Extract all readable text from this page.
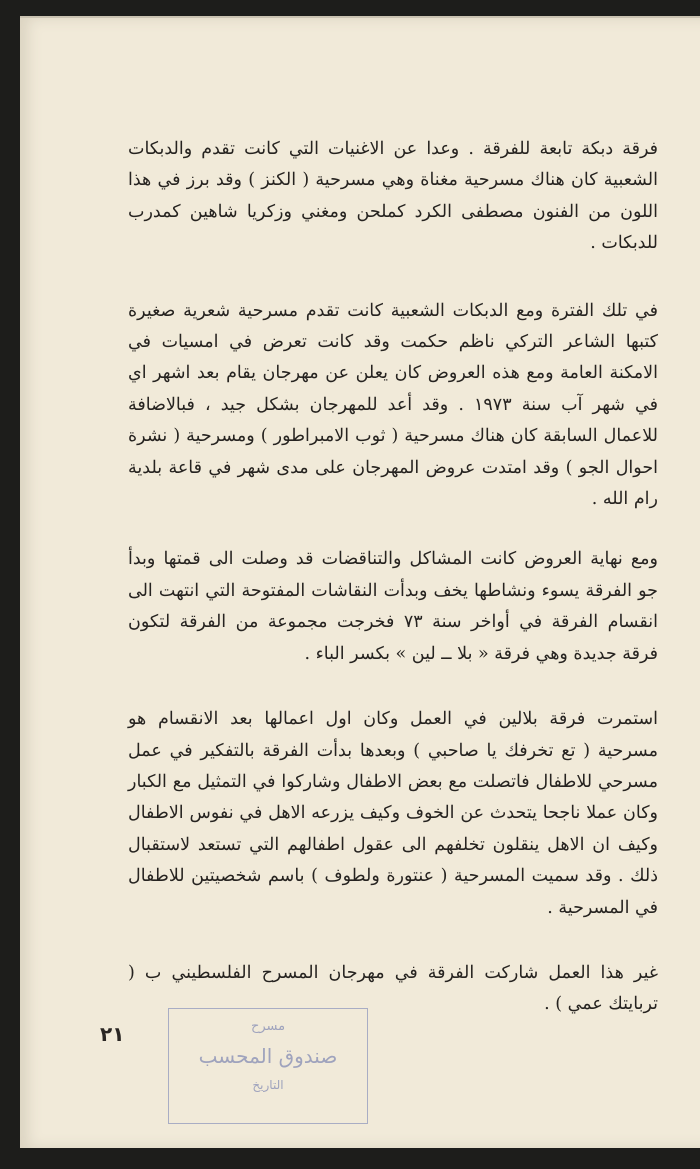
فرقة دبكة تابعة للفرقة . وعدا عن الاغنيات التي كانت تقدم والدبكات الشعبية كان هناك مسرحية مغناة وهي مسرحية ( الكنز ) وقد برز في هذا اللون من الفنون مصطفى الكرد كملحن ومغني وزكريا شاهين كمدرب للدبكات .

في تلك الفترة ومع الدبكات الشعبية كانت تقدم مسرحية شعرية صغيرة كتبها الشاعر التركي ناظم حكمت وقد كانت تعرض في امسيات في الامكنة العامة ومع هذه العروض كان يعلن عن مهرجان يقام بعد اشهر اي في شهر آب سنة ١٩٧٣ . وقد أعد للمهرجان بشكل جيد ، فبالاضافة للاعمال السابقة كان هناك مسرحية ( ثوب الامبراطور ) ومسرحية ( نشرة احوال الجو ) وقد امتدت عروض المهرجان على مدى شهر في قاعة بلدية رام الله .

ومع نهاية العروض كانت المشاكل والتناقضات قد وصلت الى قمتها وبدأ جو الفرقة يسوء ونشاطها يخف وبدأت النقاشات المفتوحة التي انتهت الى انقسام الفرقة في أواخر سنة ٧٣ فخرجت مجموعة من الفرقة لتكون فرقة جديدة وهي فرقة « بلا ــ لين » بكسر الباء .

استمرت فرقة بلالين في العمل وكان اول اعمالها بعد الانقسام هو مسرحية ( تع تخرفك يا صاحبي ) وبعدها بدأت الفرقة بالتفكير في عمل مسرحي للاطفال فاتصلت مع بعض الاطفال وشاركوا في التمثيل مع الكبار وكان عملا ناجحا يتحدث عن الخوف وكيف يزرعه الاهل في نفوس الاطفال وكيف ان الاهل ينقلون تخلفهم الى عقول اطفالهم التي تستعد لاستقبال ذلك . وقد سميت المسرحية ( عنتورة ولطوف ) باسم شخصيتين للاطفال في المسرحية .

غير هذا العمل شاركت الفرقة في مهرجان المسرح الفلسطيني ب ( تربايتك عمي ) .

٢١	مسرح
صندوق المحسب
التاريخ
